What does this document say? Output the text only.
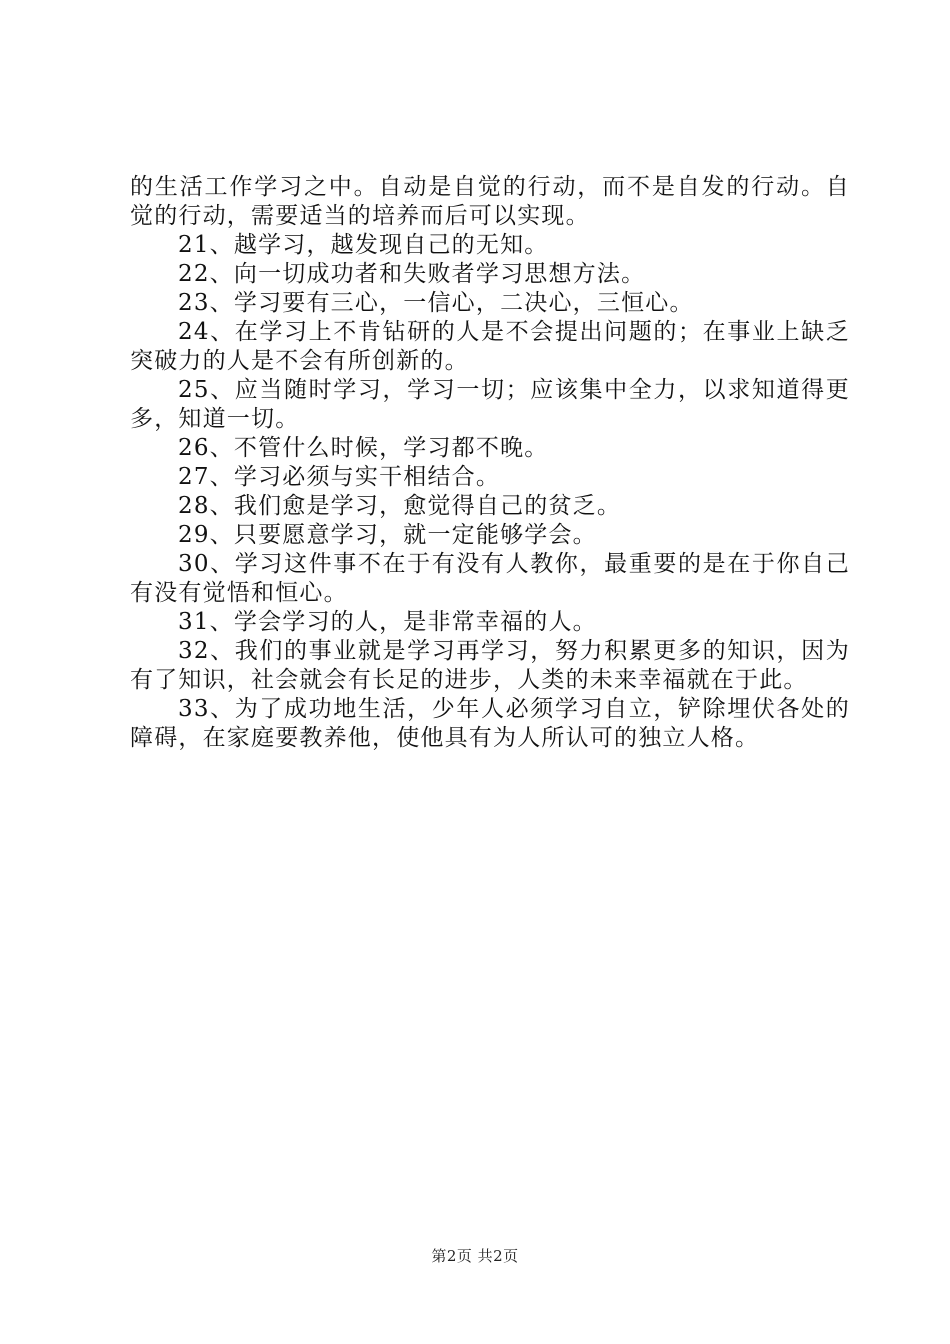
的生活工作学习之中。自动是自觉的行动，而不是自发的行动。自觉的行动，需要适当的培养而后可以实现。

21、越学习，越发现自己的无知。

22、向一切成功者和失败者学习思想方法。

23、学习要有三心，一信心，二决心，三恒心。

24、在学习上不肯钻研的人是不会提出问题的；在事业上缺乏突破力的人是不会有所创新的。

25、应当随时学习，学习一切；应该集中全力，以求知道得更多，知道一切。

26、不管什么时候，学习都不晚。

27、学习必须与实干相结合。

28、我们愈是学习，愈觉得自己的贫乏。

29、只要愿意学习，就一定能够学会。

30、学习这件事不在于有没有人教你，最重要的是在于你自己有没有觉悟和恒心。

31、学会学习的人，是非常幸福的人。

32、我们的事业就是学习再学习，努力积累更多的知识，因为有了知识，社会就会有长足的进步，人类的未来幸福就在于此。

33、为了成功地生活，少年人必须学习自立，铲除埋伏各处的障碍，在家庭要教养他，使他具有为人所认可的独立人格。

第2页 共2页
